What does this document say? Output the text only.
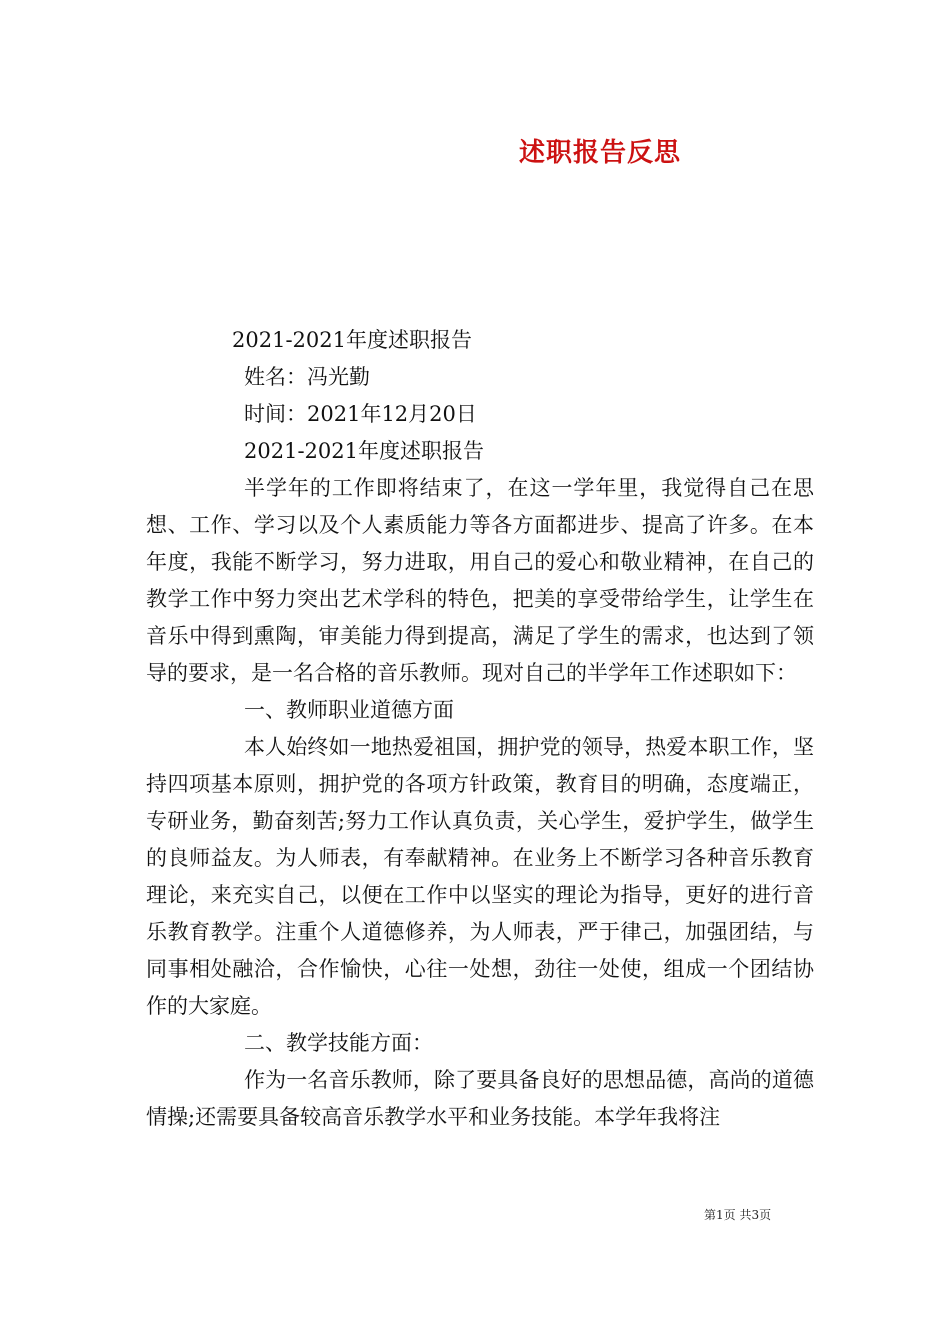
述职报告反思
2021-2021年度述职报告
姓名：冯光勤
时间：2021年12月20日
2021-2021年度述职报告

半学年的工作即将结束了，在这一学年里，我觉得自己在思想、工作、学习以及个人素质能力等各方面都进步、提高了许多。在本年度，我能不断学习，努力进取，用自己的爱心和敬业精神，在自己的教学工作中努力突出艺术学科的特色，把美的享受带给学生，让学生在音乐中得到熏陶，审美能力得到提高，满足了学生的需求，也达到了领导的要求，是一名合格的音乐教师。现对自己的半学年工作述职如下：

一、教师职业道德方面

本人始终如一地热爱祖国，拥护党的领导，热爱本职工作，坚持四项基本原则，拥护党的各项方针政策，教育目的明确，态度端正，专研业务，勤奋刻苦;努力工作认真负责，关心学生，爱护学生，做学生的良师益友。为人师表，有奉献精神。在业务上不断学习各种音乐教育理论，来充实自己，以便在工作中以坚实的理论为指导，更好的进行音乐教育教学。注重个人道德修养，为人师表，严于律己，加强团结，与同事相处融洽，合作愉快，心往一处想，劲往一处使，组成一个团结协作的大家庭。

二、教学技能方面：

作为一名音乐教师，除了要具备良好的思想品德，高尚的道德情操;还需要具备较高音乐教学水平和业务技能。本学年我将注

第1页 共3页
